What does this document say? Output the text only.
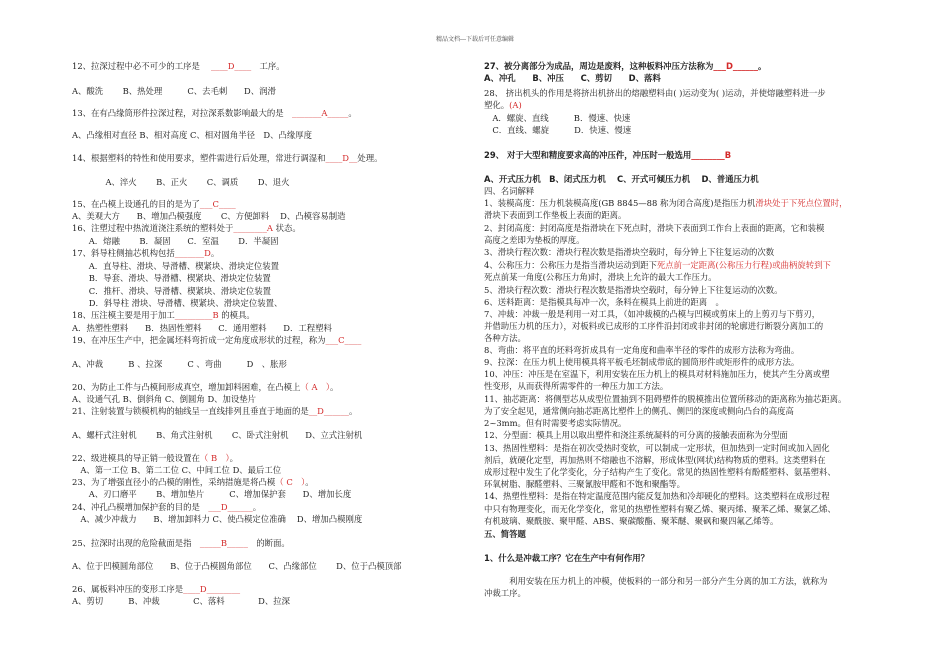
精品文档---下载后可任意编辑
12、拉深过程中必不可少的工序是　 ____D____　工序。
A、酸洗　　 B、热处理　　　C、去毛刺　　D、润滑
13、在有凸缘筒形件拉深过程，对拉深系数影响最大的是　_______A_____。
A、凸缘相对直径 B、相对高度 C、相对圆角半径　D、凸缘厚度
14、根据塑料的特性和使用要求，塑件需进行后处理，常进行调湿和____D__处理。
　　　　A、淬火　　 B、正火　　 C、调质　　 D、退火
15、在凸模上设通孔的目的是为了___C____
A、美观大方　　B、增加凸模强度　　 C、方便卸料　 D、凸模容易制造
16、注塑过程中热流道浇注系统的塑料处于________A 状态。
　　A．熔融　　 B．凝固　　C．室温　　 D．半凝固
17、斜导柱侧抽芯机构包括_______D。
　　A．直导柱、滑块、导滑槽、楔紧块、滑块定位装置
　　B．导套、滑块、导滑槽、楔紧块、滑块定位装置
　　C．推杆、滑块、导滑槽、楔紧块、滑块定位装置
　　D．斜导柱 滑块、导滑槽、楔紧块、滑块定位装置、
18、压注模主要是用于加工_________B 的模具。
A．热塑性塑料　　B．热固性塑料　　C．通用塑料　　D．工程塑料
19、在冲压生产中，把金属坯料弯折成一定角度成形状的过程，称为___C____
A、冲裁　　　B 、拉深　　　C 、弯曲　　　D　、胀形
20、为防止工件与凸模间形成真空，增加卸料困难，在凸模上（ A　）。
A、设通气孔 B、倒斜角 C、倒圆角 D、加设垫片
21、注射装置与锁模机构的轴线呈一直线排列且垂直于地面的是__D______。
A、螺杆式注射机　　 B、角式注射机　　 C、卧式注射机　　D、立式注射机
22、级进模具的导正销一般设置在（ B　）。
　A、第一工位 B、第二工位 C、中间工位 D、最后工位
23、为了增强直径小的凸模的刚性，采纳措施是将凸模（ C　）。
　　A、刃口磨平　　 B、增加垫片　　　C、增加保护套　　D、增加长度
24、冲孔凸模增加保护套的目的是　___D______。
　A、减少冲裁力　　B、增加卸料力 C、使凸模定位准确　 D、增加凸模刚度
25、拉深时出现的危险截面是指　_____B_____　的断面。
A、位于凹模圆角部位　　B、位于凸模圆角部位　　C、凸缘部位　　 D、位于凸模顶部
26、属板料冲压的变形工序是____D________
A、剪切　　　B、冲裁　　　　C、落料　　　　D、拉深
27、被分离部分为成品，周边是废料，这种板料冲压方法称为___D______。
A、冲孔　　B、冲压　　C、剪切　　D、落料
28、 挤出机头的作用是将挤出机挤出的熔融塑料由( )运动变为( )运动，并使熔融塑料进一步
塑化。(A)
　A．螺旋、直线　　　B．慢速、快速
　C．直线、螺旋　　　D．快速、慢速
29、 对于大型和精度要求高的冲压件，冲压时一般选用________B
A、开式压力机　B、闭式压力机　 C、开式可倾压力机　 D、普通压力机
四、名词解释
1、装模高度：压力机装模高度(GB 8845—88 称为闭合高度)是指压力机滑块处于下死点位置时，
滑块下表面到工作垫板上表面的距离。
2、封闭高度：封闭高度是指滑块在下死点时，滑块下表面到工作台上表面的距离，它和装模
高度之差即为垫板的厚度。
3、滑块行程次数：滑块行程次数是指滑块空载时，每分钟上下往复运动的次数
4、公称压力：公称压力是指当滑块运动到距下死点前一定距离(公称压力行程)或曲柄旋转到下
死点前某一角度(公称压力角)时，滑块上允许的最大工作压力。
5、滑块行程次数：滑块行程次数是指滑块空载时，每分钟上下往复运动的次数。
6、送料距离：是指模具每冲一次，条料在模具上前进的距离　。
7、冲裁：冲裁一般是利用一对工具，（如冲裁模的凸模与凹模或剪床上的上剪刃与下剪刃，
并借助压力机的压力），对板料或已成形的工序件沿封闭或非封闭的轮廓进行断裂分离加工的
各种方法。
8、弯曲：将平直的坯料弯折成具有一定角度和曲率半径的零件的成形方法称为弯曲。
9、拉深：在压力机上使用模具将平板毛坯制成带底的圆筒形件或矩形件的成形方法。
10、冲压：冲压是在室温下，利用安装在压力机上的模具对材料施加压力，使其产生分离或塑
性变形，从而获得所需零件的一种压力加工方法。
11、抽芯距离：将侧型芯从成型位置抽到不阻碍塑件的脱模推出位置所移动的距离称为抽芯距离。
为了安全起见，通常侧向抽芯距离比塑件上的侧孔、侧凹的深度或侧向凸台的高度高
2~3mm。但有时需要考虑实际情况。
12、分型面：模具上用以取出塑件和浇注系统凝料的可分离的接触表面称为分型面
13、热固性塑料：是指在初次受热时变软，可以制成一定形状，但加热到一定时间或加入固化
剂后，就硬化定型，再加热则不熔融也不溶解，形成体型(网状)结构物质的塑料。这类塑料在
成形过程中发生了化学变化，分子结构产生了变化。常见的热固性塑料有酚醛塑料、氨基塑料、
环氧树脂、脲醛塑料、三聚氰胺甲醛和不饱和聚酯等。
14、热塑性塑料：是指在特定温度范围内能反复加热和冷却硬化的塑料。这类塑料在成形过程
中只有物理变化，而无化学变化，常见的热塑性塑料有聚乙烯、聚丙烯、聚苯乙烯、聚氯乙烯、
有机玻璃、聚酰胺、聚甲醛、ABS、聚碳酸酯、聚苯醚、聚砜和聚四氟乙烯等。
五、简答题
1、什么是冲裁工序？它在生产中有何作用？
　　　利用安装在压力机上的冲模，使板料的一部分和另一部分产生分离的加工方法，就称为
冲裁工序。
